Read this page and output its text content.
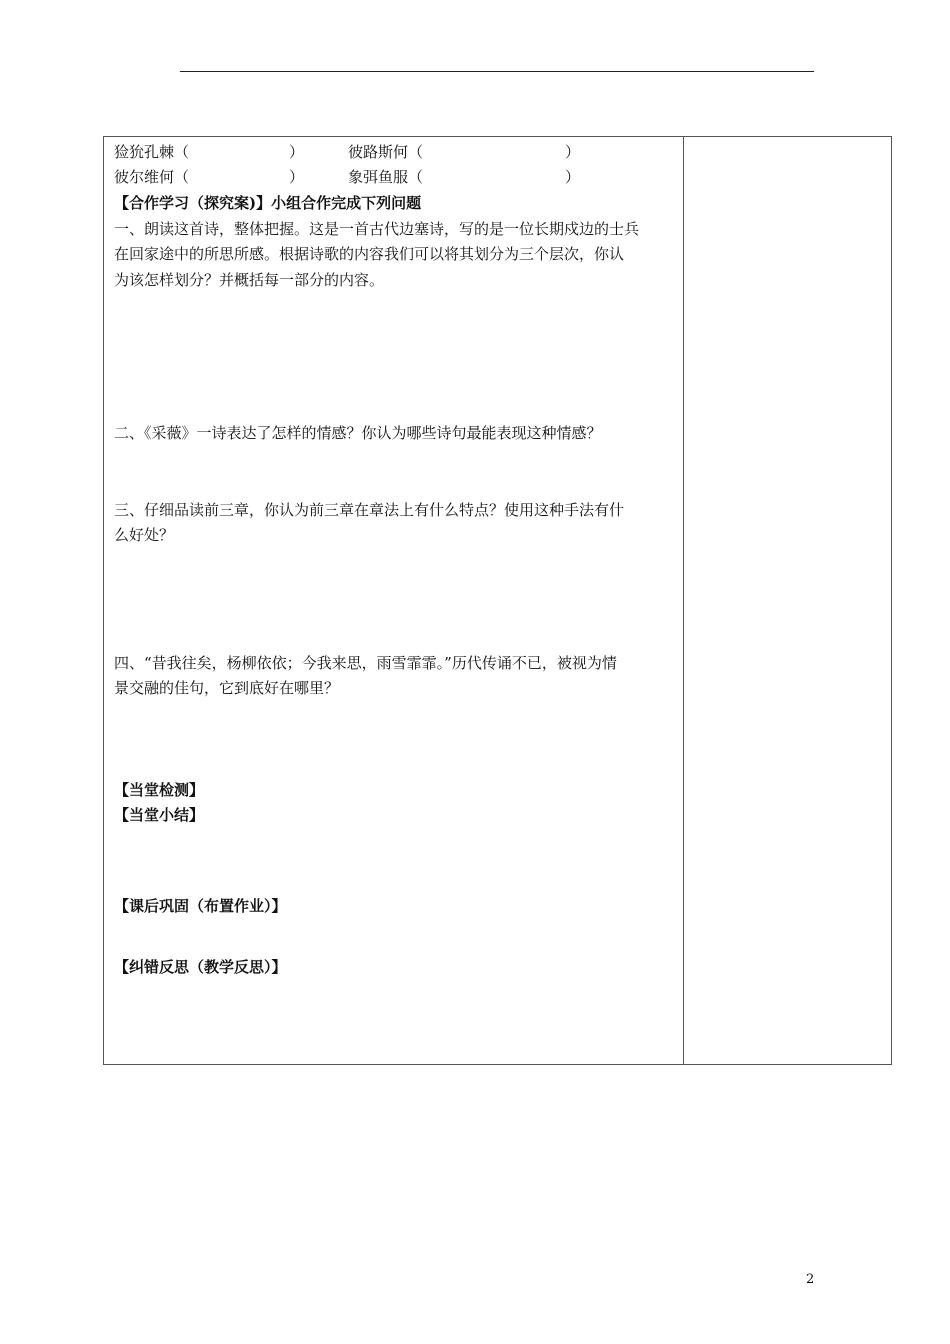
猃狁孔棘（	）	彼路斯何（	）
彼尔维何（	）	象弭鱼服（	）
【合作学习（探究案)】小组合作完成下列问题
一、朗读这首诗，整体把握。这是一首古代边塞诗，写的是一位长期戍边的士兵
在回家途中的所思所感。根据诗歌的内容我们可以将其划分为三个层次，你认
为该怎样划分？并概括每一部分的内容。
二、《采薇》一诗表达了怎样的情感？你认为哪些诗句最能表现这种情感？
三、仔细品读前三章，你认为前三章在章法上有什么特点？使用这种手法有什
么好处？
四、“昔我往矣，杨柳依依；今我来思，雨雪霏霏。”历代传诵不已，被视为情
景交融的佳句，它到底好在哪里？
【当堂检测】
【当堂小结】
【课后巩固（布置作业）】
【纠错反思（教学反思）】
2
